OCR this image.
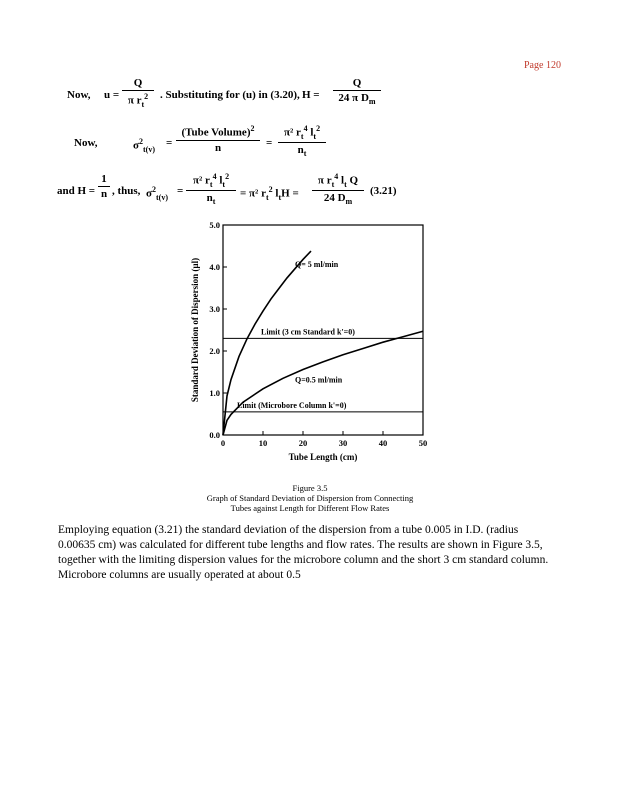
Page 120
Now, u =
Q
π $r_t^2$	. Substituting for (u) in (3.20), H =
Q
24 π $D_m$
Now,	$\sigma^2_{t(v)}$
=
(Tube Volume)$^2$
n	=
π² $r_t^4$ $l_t^2$
$n_t$
and H =
1
n , thus, $\sigma^2_{t(v)}$
=
π² $r_t^4$ $l_t^2$
$n_t$
= π² $r_t^2$ $l_tH$ =
π $r_t^4$ $l_t$ Q
24 $D_m$
(3.21)
0	10	20	30	40	50
0.0
1.0
2.0
3.0
4.0
5.0
Tube Length (cm)
Standard Deviation of Dispersion (µl)	Limit (3 cm Standard k'=0)
Limit (Microbore Column k'=0)
Q= 5 ml/min
Q=0.5 ml/min
Figure 3.5
Graph of Standard Deviation of Dispersion from Connecting
Tubes against Length for Different Flow Rates
Employing equation (3.21) the standard deviation of the dispersion from a tube 0.005 in I.D. (radius 0.00635 cm) was calculated for different tube lengths and flow rates. The results are shown in Figure 3.5, together with the limiting dispersion values for the microbore column and the short 3 cm standard column. Microbore columns are usually operated at about 0.5
